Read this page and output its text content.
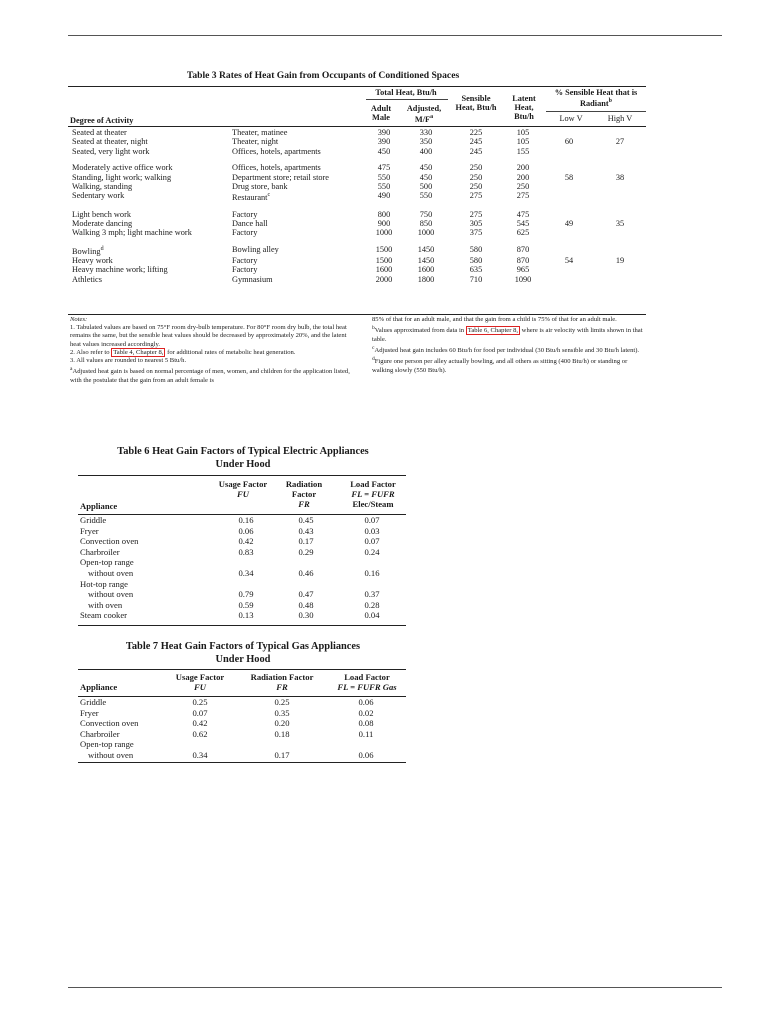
Table 3 Rates of Heat Gain from Occupants of Conditioned Spaces
Total Heat, Btu/h
Adult Male
Adjusted, $M/F^a$
Sensible Heat, Btu/h
Latent Heat, Btu/h
% Sensible Heat that is Radiant$^b$
Low V	High V
Degree of Activity
Seated at theater	Theater, matinee	390	330	225	105		
Seated at theater, night	Theater, night	390	350	245	105	60	27
Seated, very light work	Offices, hotels, apartments	450	400	245	155		

Moderately active office work	Offices, hotels, apartments	475	450	250	200		
Standing, light work; walking	Department store; retail store	550	450	250	200	58	38
Walking, standing	Drug store, bank	550	500	250	250		
Sedentary work	Restaurant$^c$	490	550	275	275		

Light bench work	Factory	800	750	275	475		
Moderate dancing	Dance hall	900	850	305	545	49	35
Walking 3 mph; light machine work	Factory	1000	1000	375	625		

Bowling$^d$	Bowling alley	1500	1450	580	870		
Heavy work	Factory	1500	1450	580	870	54	19
Heavy machine work; lifting	Factory	1600	1600	635	965		
Athletics	Gymnasium	2000	1800	710	1090		

Notes:

1. Tabulated values are based on 75°F room dry-bulb temperature. For 80°F room dry bulb, the total heat remains the same, but the sensible heat values should be decreased by approximately 20%, and the latent heat values increased accordingly.

2. Also refer to Table 4, Chapter 8, for additional rates of metabolic heat generation.

3. All values are rounded to nearest 5 Btu/h.

$^a$Adjusted heat gain is based on normal percentage of men, women, and children for the application listed, with the postulate that the gain from an adult female is

85% of that for an adult male, and that the gain from a child is 75% of that for an adult male.

$^b$Values approximated from data in Table 6, Chapter 8, where is air velocity with limits shown in that table.

$^c$Adjusted heat gain includes 60 Btu/h for food per individual (30 Btu/h sensible and 30 Btu/h latent).

$^d$Figure one person per alley actually bowling, and all others as sitting (400 Btu/h) or standing or walking slowly (550 Btu/h).

Table 6 Heat Gain Factors of Typical Electric Appliances
Under Hood
Usage Factor
FU
Radiation Factor
FR
Load Factor
FL = FUFR
Elec/Steam
Appliance
Griddle	0.16	0.45	0.07
Fryer	0.06	0.43	0.03
Convection oven	0.42	0.17	0.07
Charbroiler	0.83	0.29	0.24
Open-top range			
without oven	0.34	0.46	0.16
Hot-top range			
without oven	0.79	0.47	0.37
with oven	0.59	0.48	0.28
Steam cooker	0.13	0.30	0.04
Table 7 Heat Gain Factors of Typical Gas Appliances
Under Hood
Usage Factor
FU
Radiation Factor
FR
Load Factor
FL = FUFR Gas
Appliance
Griddle	0.25	0.25	0.06
Fryer	0.07	0.35	0.02
Convection oven	0.42	0.20	0.08
Charbroiler	0.62	0.18	0.11
Open-top range			
without oven	0.34	0.17	0.06
